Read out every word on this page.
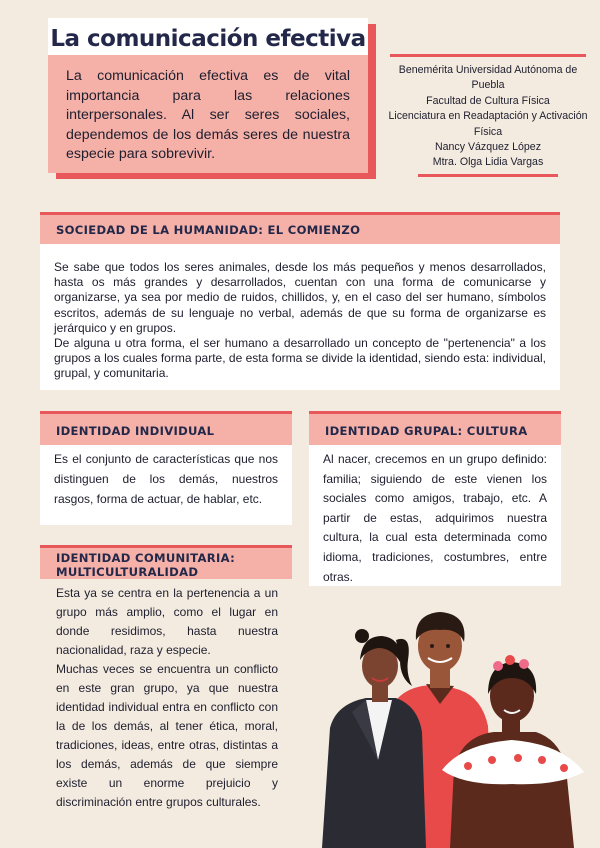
La comunicación efectiva

La comunicación efectiva es de vital importancia para las relaciones interpersonales. Al ser seres sociales, dependemos de los demás seres de nuestra especie para sobrevivir.

Benemérita Universidad Autónoma de Puebla
Facultad de Cultura Física
Licenciatura en Readaptación y Activación Física
Nancy Vázquez López
Mtra. Olga Lidia Vargas
SOCIEDAD DE LA HUMANIDAD: EL COMIENZO
Se sabe que todos los seres animales, desde los más pequeños y menos desarrollados, hasta os más grandes y desarrollados, cuentan con una forma de comunicarse y organizarse, ya sea por medio de ruidos, chillidos, y, en el caso del ser humano, símbolos escritos, además de su lenguaje no verbal, además de que su forma de organizarse es jerárquico y en grupos.
De alguna u otra forma, el ser humano a desarrollado un concepto de "pertenencia" a los grupos a los cuales forma parte, de esta forma se divide la identidad, siendo esta: individual, grupal, y comunitaria.
IDENTIDAD INDIVIDUAL
Es el conjunto de características que nos distinguen de los demás, nuestros rasgos, forma de actuar, de hablar, etc.
IDENTIDAD GRUPAL: CULTURA
Al nacer, crecemos en un grupo definido: familia; siguiendo de este vienen los sociales como amigos, trabajo, etc. A partir de estas, adquirimos nuestra cultura, la cual esta determinada como idioma, tradiciones, costumbres, entre otras.
IDENTIDAD COMUNITARIA: MULTICULTURALIDAD
Esta ya se centra en la pertenencia a un grupo más amplio, como el lugar en donde residimos, hasta nuestra nacionalidad, raza y especie.
Muchas veces se encuentra un conflicto en este gran grupo, ya que nuestra identidad individual entra en conflicto con la de los demás, al tener ética, moral, tradiciones, ideas, entre otras, distintas a los demás, además de que siempre existe un enorme prejuicio y discriminación entre grupos culturales.
